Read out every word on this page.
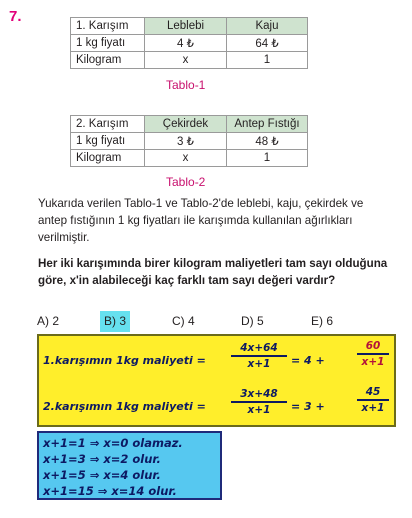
7.
1. Karışım	Leblebi	Kaju
1 kg fiyatı	4 ₺	64 ₺
Kilogram	x	1
Tablo-1
2. Karışım	Çekirdek	Antep Fıstığı
1 kg fiyatı	3 ₺	48 ₺
Kilogram	x	1
Tablo-2
Yukarıda verilen Tablo-1 ve Tablo-2'de leblebi, kaju, çekirdek ve antep fıstığının 1 kg fiyatları ile karışımda kullanılan ağırlıkları verilmiştir.
Her iki karışımında birer kilogram maliyetleri tam sayı olduğuna göre, x'in alabileceği kaç farklı tam sayı değeri vardır?
A) 2	B) 3	C) 4	D) 5	E) 6
1.karışımın 1kg maliyeti =
4x+64
x+1	= 4 +
60
x+1
2.karışımın 1kg maliyeti =
3x+48
x+1	= 3 +
45
x+1
x+1=1 ⇒ x=0 olamaz.
x+1=3 ⇒ x=2 olur.
x+1=5 ⇒ x=4 olur.
x+1=15 ⇒ x=14 olur.
